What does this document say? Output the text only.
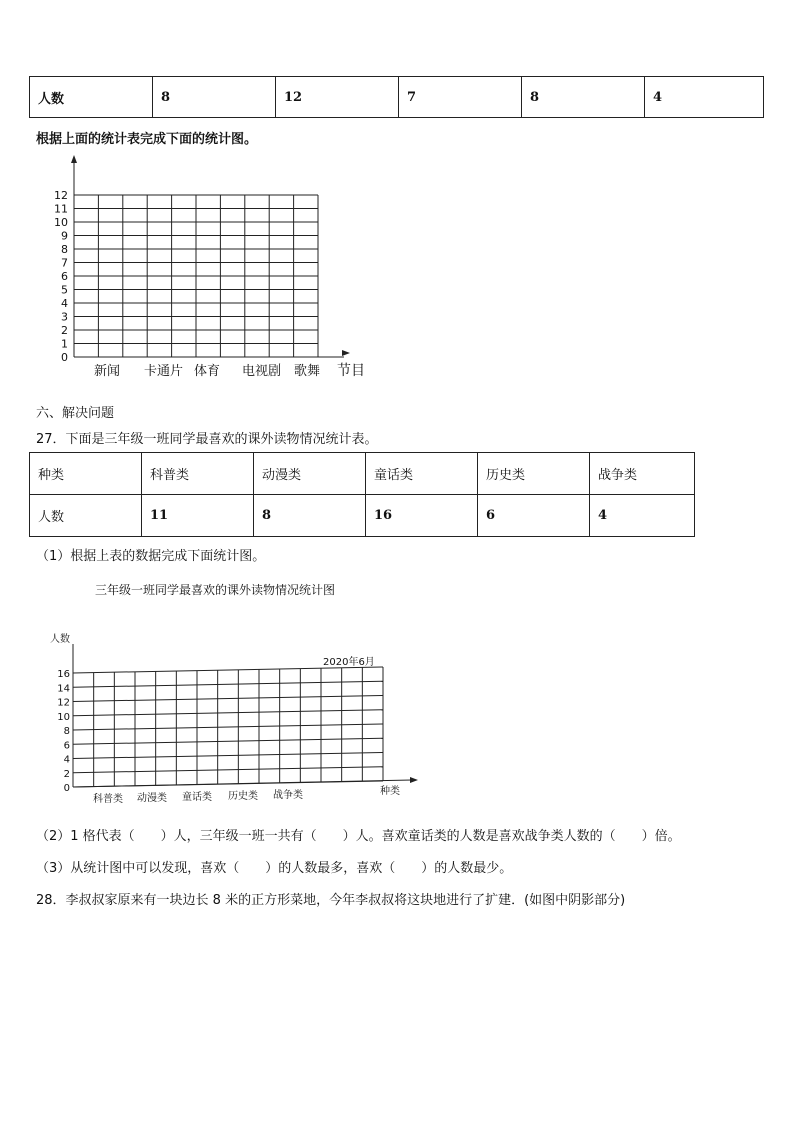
人数	8	12	7	8	4
根据上面的统计表完成下面的统计图。
0
1
2
3
4
5
6
7
8
9
10
11
12
新闻 卡通片 体育 电视剧 歌舞 节目
六、解决问题
27．下面是三年级一班同学最喜欢的课外读物情况统计表。
种类	科普类	动漫类	童话类	历史类	战争类
人数	11	8	16	6	4
（1）根据上表的数据完成下面统计图。
三年级一班同学最喜欢的课外读物情况统计图
人数
2020年6月
0
2
4
6
8
10
12
14
16
科普类 动漫类 童话类 历史类 战争类	种类
（2）1 格代表（　　）人，三年级一班一共有（　　）人。喜欢童话类的人数是喜欢战争类人数的（　　）倍。
（3）从统计图中可以发现，喜欢（　　）的人数最多，喜欢（　　）的人数最少。
28．李叔叔家原来有一块边长 8 米的正方形菜地，今年李叔叔将这块地进行了扩建．(如图中阴影部分)
